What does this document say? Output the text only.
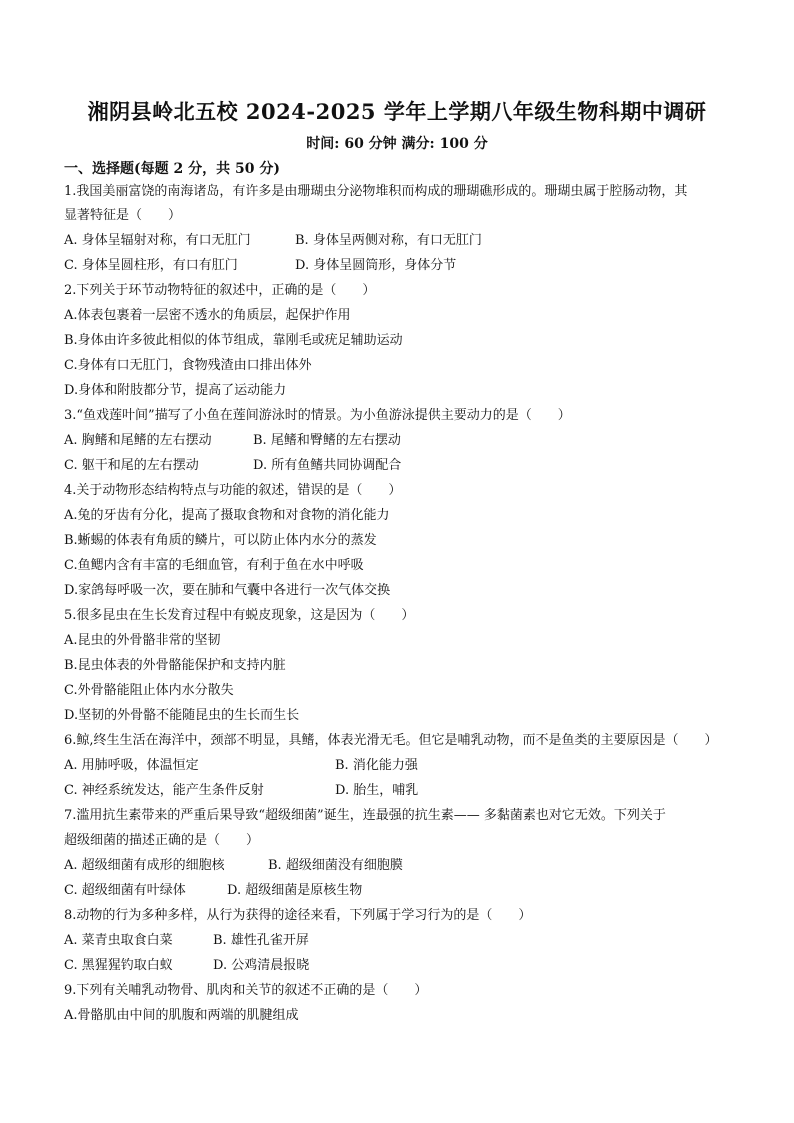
湘阴县岭北五校 2024-2025 学年上学期八年级生物科期中调研
时间: 60 分钟 满分: 100 分
一、选择题(每题 2 分，共 50 分)
1.我国美丽富饶的南海诸岛，有许多是由珊瑚虫分泌物堆积而构成的珊瑚礁形成的。珊瑚虫属于腔肠动物，其
显著特征是（　　）
A. 身体呈辐射对称，有口无肛门	B. 身体呈两侧对称，有口无肛门
C. 身体呈圆柱形，有口有肛门	D. 身体呈圆筒形，身体分节
2.下列关于环节动物特征的叙述中，正确的是（　　）
A.体表包裹着一层密不透水的角质层，起保护作用
B.身体由许多彼此相似的体节组成，靠刚毛或疣足辅助运动
C.身体有口无肛门，食物残渣由口排出体外
D.身体和附肢都分节，提高了运动能力
3.“鱼戏莲叶间”描写了小鱼在莲间游泳时的情景。为小鱼游泳提供主要动力的是（　　）
A. 胸鳍和尾鳍的左右摆动	B. 尾鳍和臀鳍的左右摆动
C. 躯干和尾的左右摆动	D. 所有鱼鳍共同协调配合
4.关于动物形态结构特点与功能的叙述，错误的是（　　）
A.兔的牙齿有分化，提高了摄取食物和对食物的消化能力
B.蜥蜴的体表有角质的鳞片，可以防止体内水分的蒸发
C.鱼鳃内含有丰富的毛细血管，有利于鱼在水中呼吸
D.家鸽每呼吸一次，要在肺和气囊中各进行一次气体交换
5.很多昆虫在生长发育过程中有蜕皮现象，这是因为（　　）
A.昆虫的外骨骼非常的坚韧
B.昆虫体表的外骨骼能保护和支持内脏
C.外骨骼能阻止体内水分散失
D.坚韧的外骨骼不能随昆虫的生长而生长
6.鲸,终生生活在海洋中，颈部不明显，具鳍，体表光滑无毛。但它是哺乳动物，而不是鱼类的主要原因是（　　）
A. 用肺呼吸，体温恒定	B. 消化能力强
C. 神经系统发达，能产生条件反射	D. 胎生，哺乳
7.滥用抗生素带来的严重后果导致“超级细菌”诞生，连最强的抗生素—— 多黏菌素也对它无效。下列关于
超级细菌的描述正确的是（　　）
A. 超级细菌有成形的细胞核	B. 超级细菌没有细胞膜
C. 超级细菌有叶绿体	D. 超级细菌是原核生物
8.动物的行为多种多样，从行为获得的途径来看，下列属于学习行为的是（　　）
A. 菜青虫取食白菜	B. 雄性孔雀开屏
C. 黑猩猩钓取白蚁	D. 公鸡清晨报晓
9.下列有关哺乳动物骨、肌肉和关节的叙述不正确的是（　　）
A.骨骼肌由中间的肌腹和两端的肌腱组成
